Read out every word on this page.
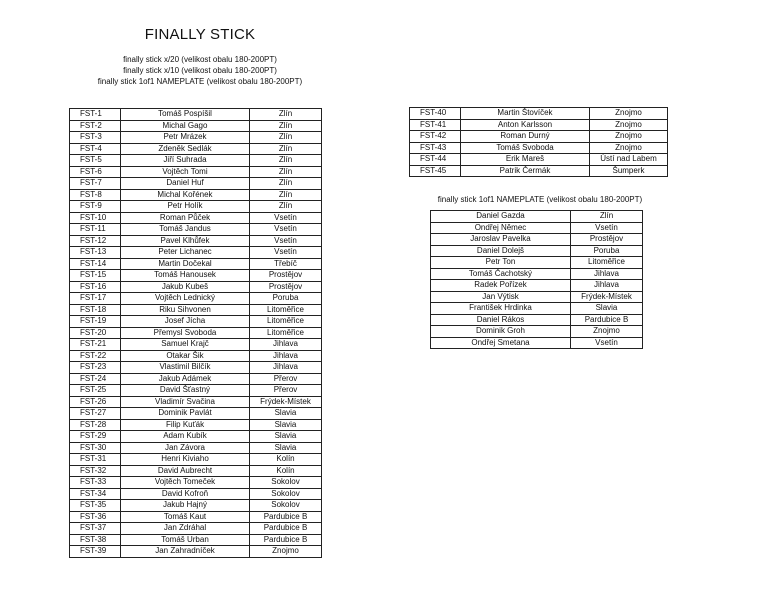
FINALLY STICK
finally stick x/20 (velikost obalu 180-200PT)
finally stick x/10 (velikost obalu 180-200PT)
finally stick 1of1 NAMEPLATE (velikost obalu 180-200PT)
FST-1	Tomáš Pospíšil	Zlín
FST-2	Michal Gago	Zlín
FST-3	Petr Mrázek	Zlín
FST-4	Zdeněk Sedlák	Zlín
FST-5	Jiří Suhrada	Zlín
FST-6	Vojtěch Tomi	Zlín
FST-7	Daniel Huf	Zlín
FST-8	Michal Kořének	Zlín
FST-9	Petr Holík	Zlín
FST-10	Roman Půček	Vsetín
FST-11	Tomáš Jandus	Vsetín
FST-12	Pavel Klhůfek	Vsetín
FST-13	Peter Lichanec	Vsetín
FST-14	Martin Dočekal	Třebíč
FST-15	Tomáš Hanousek	Prostějov
FST-16	Jakub Kubeš	Prostějov
FST-17	Vojtěch Lednický	Poruba
FST-18	Riku Sihvonen	Litoměřice
FST-19	Josef Jícha	Litoměřice
FST-20	Přemysl Svoboda	Litoměřice
FST-21	Samuel Krajč	Jihlava
FST-22	Otakar Šik	Jihlava
FST-23	Vlastimil Bilčík	Jihlava
FST-24	Jakub Adámek	Přerov
FST-25	David Šťastný	Přerov
FST-26	Vladimír Svačina	Frýdek-Místek
FST-27	Dominik Pavlát	Slavia
FST-28	Filip Kuťák	Slavia
FST-29	Adam Kubík	Slavia
FST-30	Jan Závora	Slavia
FST-31	Henri Kiviaho	Kolín
FST-32	David Aubrecht	Kolín
FST-33	Vojtěch Tomeček	Sokolov
FST-34	David Kofroň	Sokolov
FST-35	Jakub Hajný	Sokolov
FST-36	Tomáš Kaut	Pardubice B
FST-37	Jan Zdráhal	Pardubice B
FST-38	Tomáš Urban	Pardubice B
FST-39	Jan Zahradníček	Znojmo
FST-40	Martin Štovíček	Znojmo
FST-41	Anton Karlsson	Znojmo
FST-42	Roman Durný	Znojmo
FST-43	Tomáš Svoboda	Znojmo
FST-44	Erik Mareš	Ústí nad Labem
FST-45	Patrik Čermák	Šumperk
finally stick 1of1 NAMEPLATE (velikost obalu 180-200PT)
Daniel Gazda	Zlín
Ondřej Němec	Vsetín
Jaroslav Pavelka	Prostějov
Daniel Dolejš	Poruba
Petr Ton	Litoměřice
Tomáš Čachotský	Jihlava
Radek Pořízek	Jihlava
Jan Výtisk	Frýdek-Místek
František Hrdinka	Slavia
Daniel Rákos	Pardubice B
Dominik Groh	Znojmo
Ondřej Smetana	Vsetín
